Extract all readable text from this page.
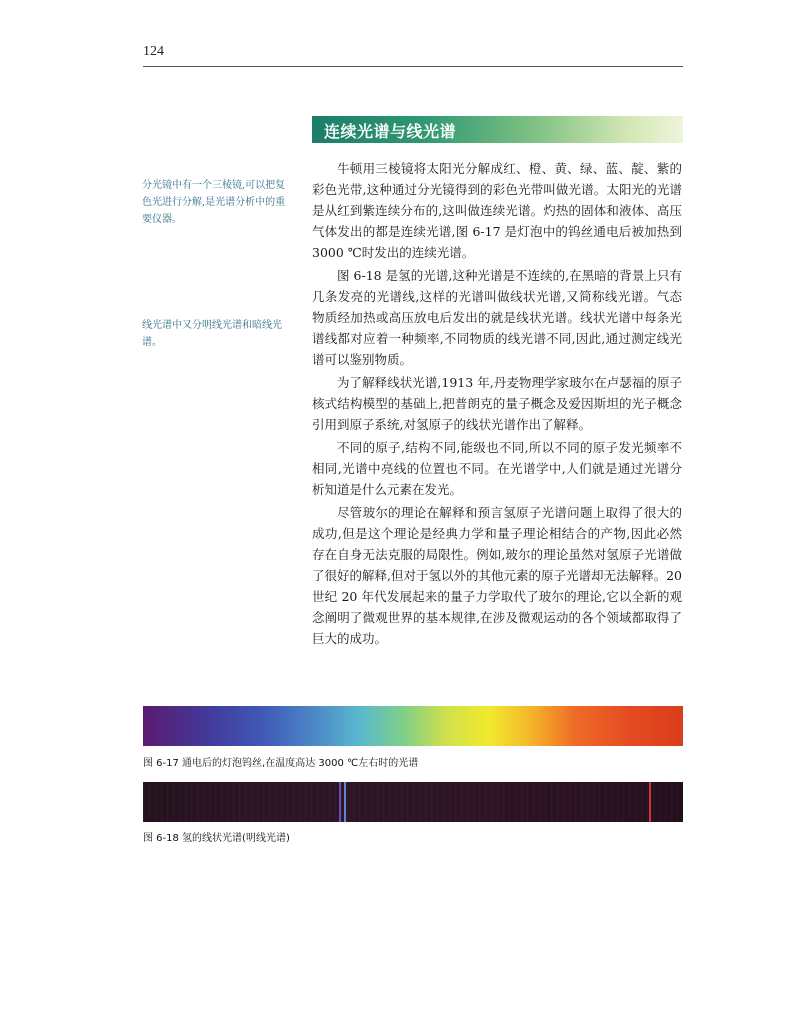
124
连续光谱与线光谱
分光镜中有一个三棱镜,可以把复色光进行分解,是光谱分析中的重要仪器。
线光谱中又分明线光谱和暗线光谱。

牛顿用三棱镜将太阳光分解成红、橙、黄、绿、蓝、靛、紫的彩色光带,这种通过分光镜得到的彩色光带叫做光谱。太阳光的光谱是从红到紫连续分布的,这叫做连续光谱。灼热的固体和液体、高压气体发出的都是连续光谱,图 6-17 是灯泡中的钨丝通电后被加热到 3000 ℃时发出的连续光谱。

图 6-18 是氢的光谱,这种光谱是不连续的,在黑暗的背景上只有几条发亮的光谱线,这样的光谱叫做线状光谱,又简称线光谱。气态物质经加热或高压放电后发出的就是线状光谱。线状光谱中每条光谱线都对应着一种频率,不同物质的线光谱不同,因此,通过测定线光谱可以鉴别物质。

为了解释线状光谱,1913 年,丹麦物理学家玻尔在卢瑟福的原子核式结构模型的基础上,把普朗克的量子概念及爱因斯坦的光子概念引用到原子系统,对氢原子的线状光谱作出了解释。

不同的原子,结构不同,能级也不同,所以不同的原子发光频率不相同,光谱中亮线的位置也不同。在光谱学中,人们就是通过光谱分析知道是什么元素在发光。

尽管玻尔的理论在解释和预言氢原子光谱问题上取得了很大的成功,但是这个理论是经典力学和量子理论相结合的产物,因此必然存在自身无法克服的局限性。例如,玻尔的理论虽然对氢原子光谱做了很好的解释,但对于氢以外的其他元素的原子光谱却无法解释。20 世纪 20 年代发展起来的量子力学取代了玻尔的理论,它以全新的观念阐明了微观世界的基本规律,在涉及微观运动的各个领域都取得了巨大的成功。

图 6-17 通电后的灯泡钨丝,在温度高达 3000 ℃左右时的光谱
图 6-18 氢的线状光谱(明线光谱)
